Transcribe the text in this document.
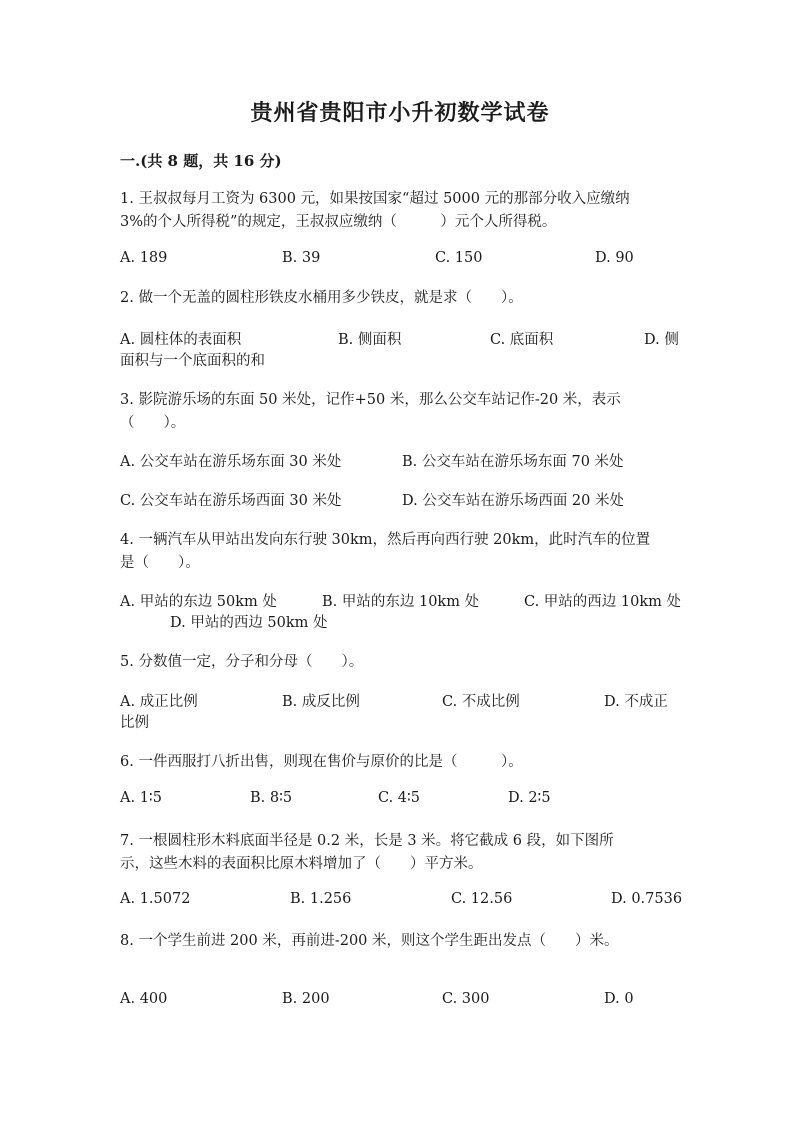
贵州省贵阳市小升初数学试卷
一.(共 8 题，共 16 分)
1. 王叔叔每月工资为 6300 元，如果按国家“超过 5000 元的那部分收入应缴纳
3%的个人所得税”的规定，王叔叔应缴纳（　　　）元个人所得税。
A. 189	B. 39	C. 150	D. 90
2. 做一个无盖的圆柱形铁皮水桶用多少铁皮，就是求（　　）。
A. 圆柱体的表面积	B. 侧面积	C. 底面积	D. 侧
面积与一个底面积的和
3. 影院游乐场的东面 50 米处，记作+50 米，那么公交车站记作-20 米，表示
（　　）。
A. 公交车站在游乐场东面 30 米处	B. 公交车站在游乐场东面 70 米处
C. 公交车站在游乐场西面 30 米处	D. 公交车站在游乐场西面 20 米处
4. 一辆汽车从甲站出发向东行驶 30km，然后再向西行驶 20km，此时汽车的位置
是（　　）。
A. 甲站的东边 50km 处	B. 甲站的东边 10km 处	C. 甲站的西边 10km 处
D. 甲站的西边 50km 处
5. 分数值一定，分子和分母（　　）。
A. 成正比例	B. 成反比例	C. 不成比例	D. 不成正
比例
6. 一件西服打八折出售，则现在售价与原价的比是（　　　）。
A. 1∶5	B. 8∶5	C. 4∶5	D. 2∶5
7. 一根圆柱形木料底面半径是 0.2 米，长是 3 米。将它截成 6 段，如下图所
示，这些木料的表面积比原木料增加了（　　）平方米。
A. 1.5072	B. 1.256	C. 12.56	D. 0.7536
8. 一个学生前进 200 米，再前进-200 米，则这个学生距出发点（　　）米。
A. 400	B. 200	C. 300	D. 0
